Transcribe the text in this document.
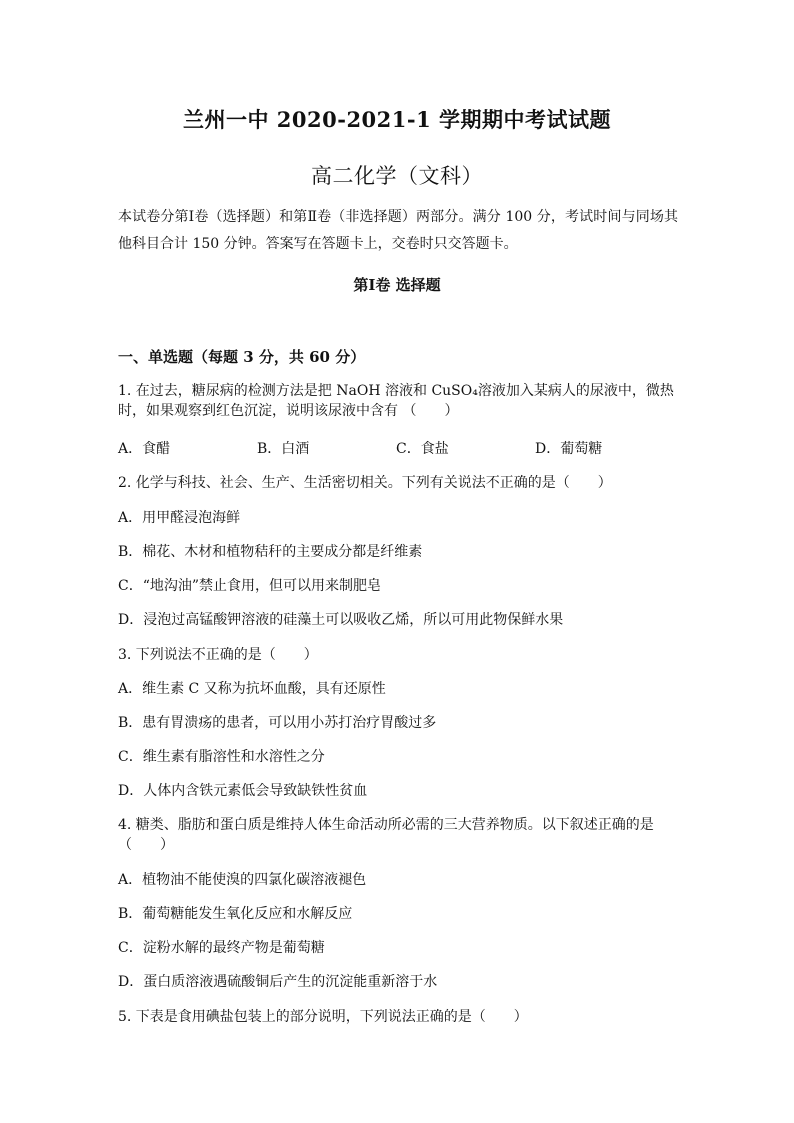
兰州一中 2020-2021-1 学期期中考试试题
高二化学（文科）
本试卷分第Ⅰ卷（选择题）和第Ⅱ卷（非选择题）两部分。满分 100 分，考试时间与同场其他科目合计 150 分钟。答案写在答题卡上，交卷时只交答题卡。
第Ⅰ卷 选择题
一、单选题（每题 3 分，共 60 分）
1. 在过去，糖尿病的检测方法是把 NaOH 溶液和 CuSO₄溶液加入某病人的尿液中，微热时，如果观察到红色沉淀，说明该尿液中含有 （　　）
A．食醋	B．白酒	C．食盐	D．葡萄糖
2. 化学与科技、社会、生产、生活密切相关。下列有关说法不正确的是（　　）
A．用甲醛浸泡海鲜
B．棉花、木材和植物秸秆的主要成分都是纤维素
C．“地沟油”禁止食用，但可以用来制肥皂
D．浸泡过高锰酸钾溶液的硅藻土可以吸收乙烯，所以可用此物保鲜水果
3. 下列说法不正确的是（　　）
A．维生素 C 又称为抗坏血酸，具有还原性
B．患有胃溃疡的患者，可以用小苏打治疗胃酸过多
C．维生素有脂溶性和水溶性之分
D．人体内含铁元素低会导致缺铁性贫血
4. 糖类、脂肪和蛋白质是维持人体生命活动所必需的三大营养物质。以下叙述正确的是（　　）
A．植物油不能使溴的四氯化碳溶液褪色
B．葡萄糖能发生氧化反应和水解反应
C．淀粉水解的最终产物是葡萄糖
D．蛋白质溶液遇硫酸铜后产生的沉淀能重新溶于水
5. 下表是食用碘盐包装上的部分说明，下列说法正确的是（　　）
